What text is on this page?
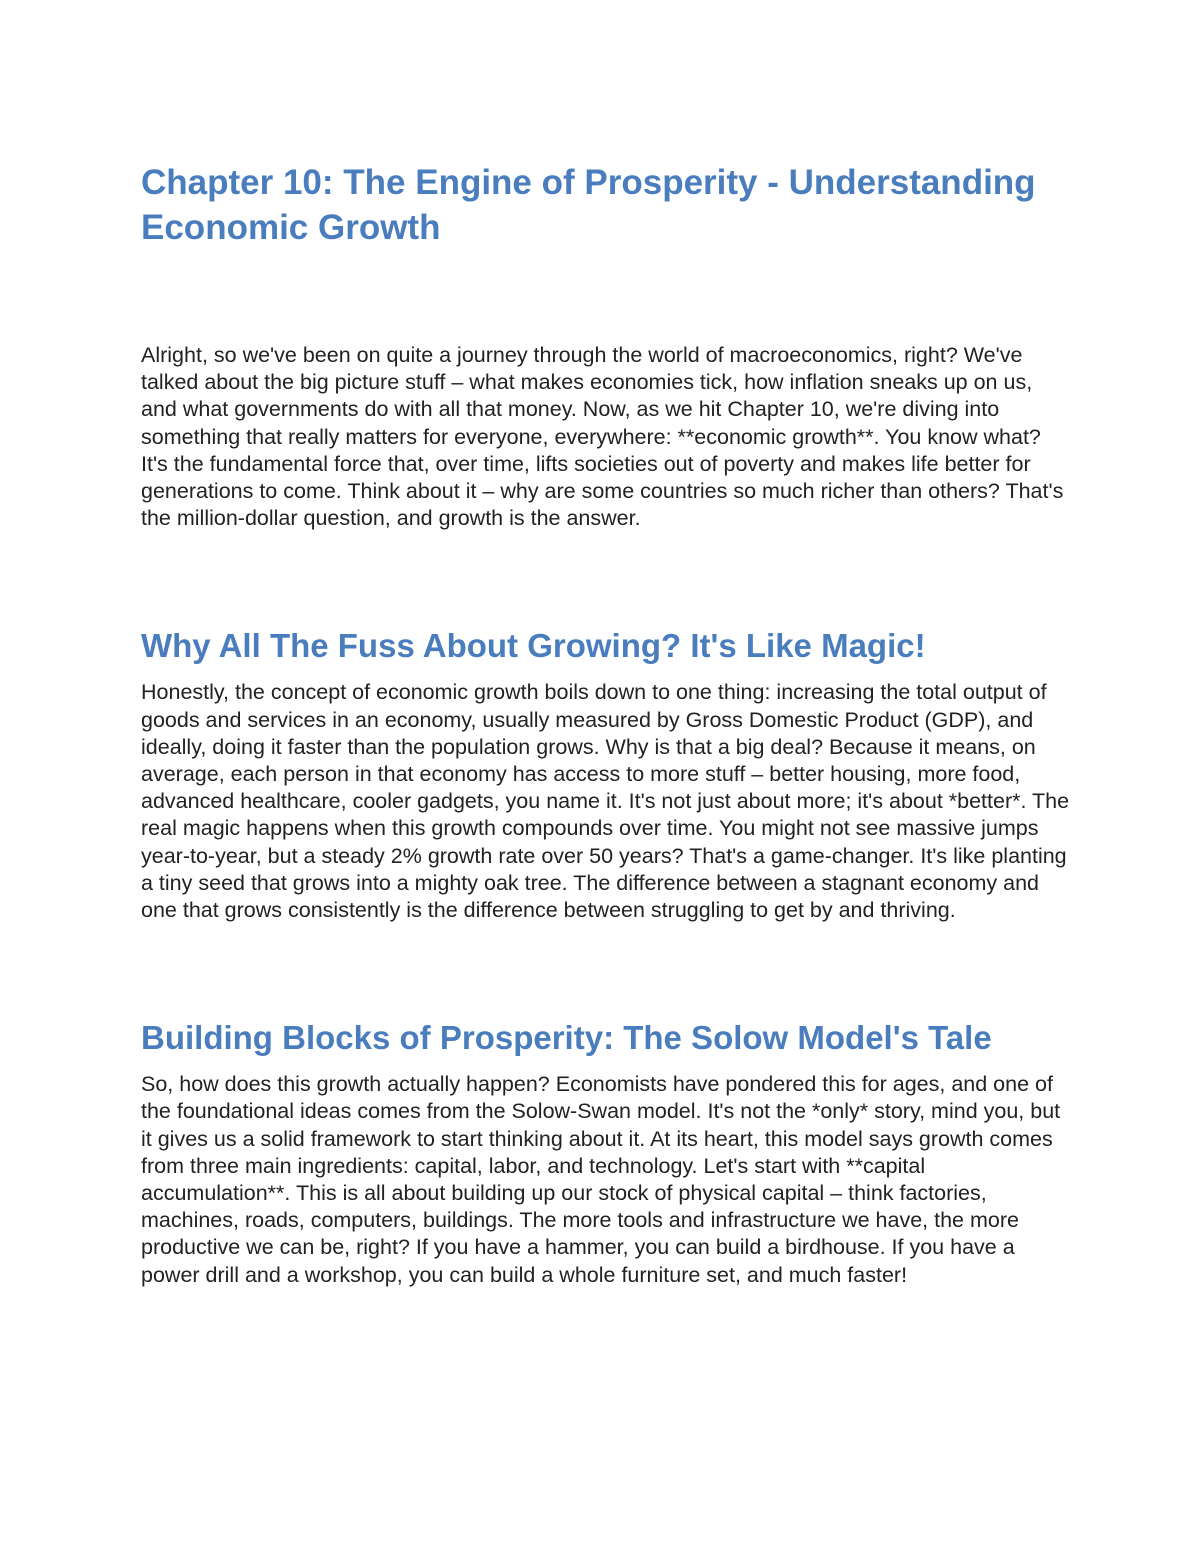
Chapter 10: The Engine of Prosperity - Understanding Economic Growth

Alright, so we've been on quite a journey through the world of macroeconomics, right? We've talked about the big picture stuff – what makes economies tick, how inflation sneaks up on us, and what governments do with all that money. Now, as we hit Chapter 10, we're diving into something that really matters for everyone, everywhere: **economic growth**. You know what? It's the fundamental force that, over time, lifts societies out of poverty and makes life better for generations to come. Think about it – why are some countries so much richer than others? That's the million-dollar question, and growth is the answer.

Why All The Fuss About Growing? It's Like Magic!

Honestly, the concept of economic growth boils down to one thing: increasing the total output of goods and services in an economy, usually measured by Gross Domestic Product (GDP), and ideally, doing it faster than the population grows. Why is that a big deal? Because it means, on average, each person in that economy has access to more stuff – better housing, more food, advanced healthcare, cooler gadgets, you name it. It's not just about more; it's about *better*. The real magic happens when this growth compounds over time. You might not see massive jumps year-to-year, but a steady 2% growth rate over 50 years? That's a game-changer. It's like planting a tiny seed that grows into a mighty oak tree. The difference between a stagnant economy and one that grows consistently is the difference between struggling to get by and thriving.

Building Blocks of Prosperity: The Solow Model's Tale

So, how does this growth actually happen? Economists have pondered this for ages, and one of the foundational ideas comes from the Solow-Swan model. It's not the *only* story, mind you, but it gives us a solid framework to start thinking about it. At its heart, this model says growth comes from three main ingredients: capital, labor, and technology. Let's start with **capital accumulation**. This is all about building up our stock of physical capital – think factories, machines, roads, computers, buildings. The more tools and infrastructure we have, the more productive we can be, right? If you have a hammer, you can build a birdhouse. If you have a power drill and a workshop, you can build a whole furniture set, and much faster!
